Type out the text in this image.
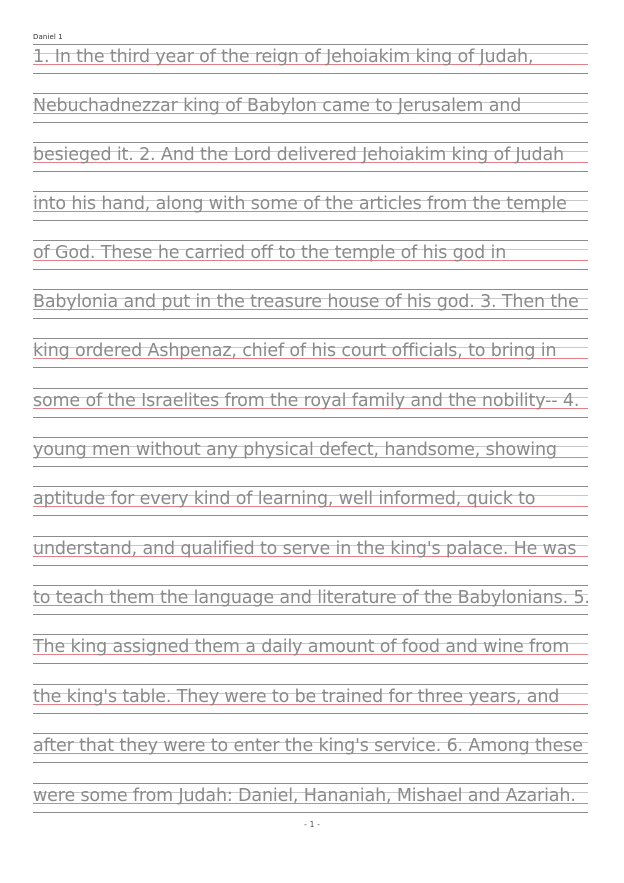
Daniel 1
1. In the third year of the reign of Jehoiakim king of Judah,
Nebuchadnezzar king of Babylon came to Jerusalem and
besieged it. 2. And the Lord delivered Jehoiakim king of Judah
into his hand, along with some of the articles from the temple
of God. These he carried off to the temple of his god in
Babylonia and put in the treasure house of his god. 3. Then the
king ordered Ashpenaz, chief of his court officials, to bring in
some of the Israelites from the royal family and the nobility-- 4.
young men without any physical defect, handsome, showing
aptitude for every kind of learning, well informed, quick to
understand, and qualified to serve in the king's palace. He was
to teach them the language and literature of the Babylonians. 5.
The king assigned them a daily amount of food and wine from
the king's table. They were to be trained for three years, and
after that they were to enter the king's service. 6. Among these
were some from Judah: Daniel, Hananiah, Mishael and Azariah.
- 1 -
